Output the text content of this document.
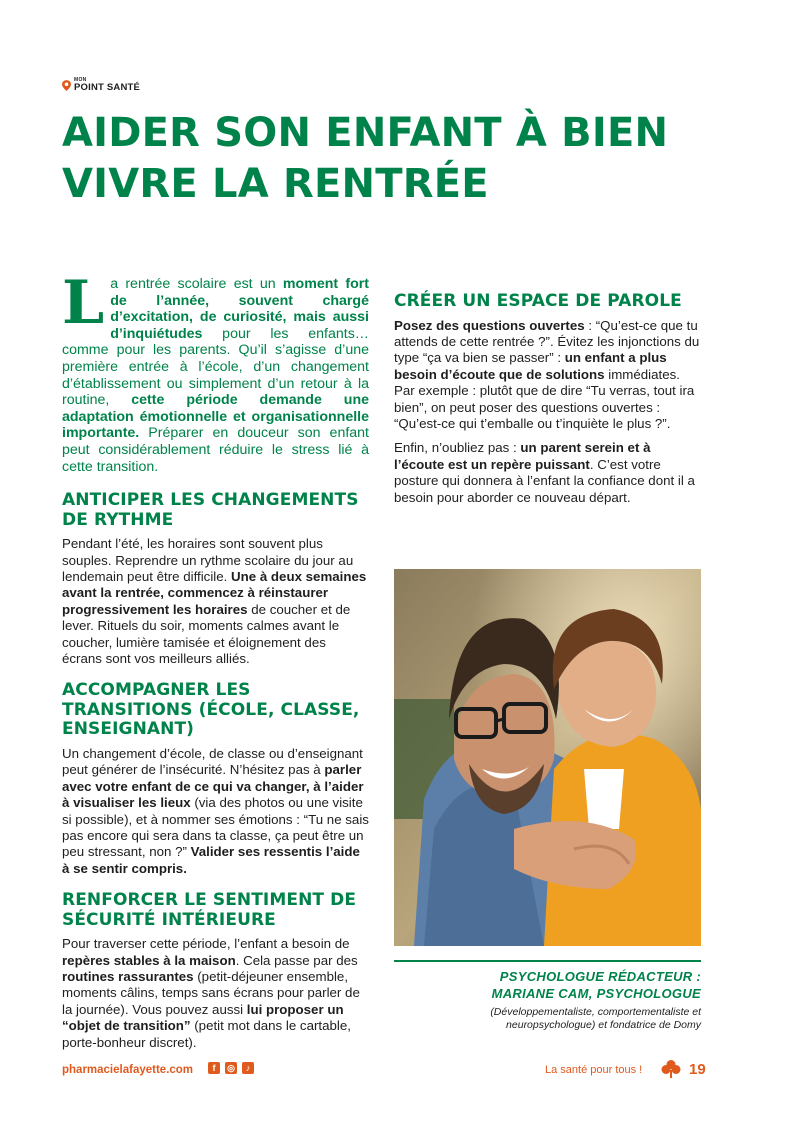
MON
POINT SANTÉ
AIDER SON ENFANT À BIEN VIVRE LA RENTRÉE

La rentrée scolaire est un moment fort de l’année, souvent chargé d’excitation, de curiosité, mais aussi d’inquiétudes pour les enfants… comme pour les parents. Qu’il s’agisse d’une première entrée à l’école, d’un changement d’établissement ou simplement d’un retour à la routine, cette période demande une adaptation émotionnelle et organisationnelle importante. Préparer en douceur son enfant peut considérablement réduire le stress lié à cette transition.

ANTICIPER LES CHANGEMENTS DE RYTHME

Pendant l’été, les horaires sont souvent plus souples. Reprendre un rythme scolaire du jour au lendemain peut être difficile. Une à deux semaines avant la rentrée, commencez à réinstaurer progressivement les horaires de coucher et de lever. Rituels du soir, moments calmes avant le coucher, lumière tamisée et éloignement des écrans sont vos meilleurs alliés.

ACCOMPAGNER LES TRANSITIONS (ÉCOLE, CLASSE, ENSEIGNANT)

Un changement d’école, de classe ou d’enseignant peut générer de l’insécurité. N’hésitez pas à parler avec votre enfant de ce qui va changer, à l’aider à visualiser les lieux (via des photos ou une visite si possible), et à nommer ses émotions : “Tu ne sais pas encore qui sera dans ta classe, ça peut être un peu stressant, non ?” Valider ses ressentis l’aide à se sentir compris.

RENFORCER LE SENTIMENT DE SÉCURITÉ INTÉRIEURE

Pour traverser cette période, l’enfant a besoin de repères stables à la maison. Cela passe par des routines rassurantes (petit-déjeuner ensemble, moments câlins, temps sans écrans pour parler de la journée). Vous pouvez aussi lui proposer un “objet de transition” (petit mot dans le cartable, porte-bonheur discret).

CRÉER UN ESPACE DE PAROLE

Posez des questions ouvertes : “Qu’est-ce que tu attends de cette rentrée ?”. Évitez les injonctions du type “ça va bien se passer” : un enfant a plus besoin d’écoute que de solutions immédiates. Par exemple : plutôt que de dire “Tu verras, tout ira bien”, on peut poser des questions ouvertes : “Qu’est-ce qui t’emballe ou t’inquiète le plus ?”.

Enfin, n’oubliez pas : un parent serein et à l’écoute est un repère puissant. C’est votre posture qui donnera à l’enfant la confiance dont il a besoin pour aborder ce nouveau départ.

PSYCHOLOGUE RÉDACTEUR :
MARIANE CAM, PSYCHOLOGUE
(Développementaliste, comportementaliste et
neuropsychologue) et fondatrice de Domy
pharmacielafayette.com	f	◎	♪	La santé pour tous !	19
